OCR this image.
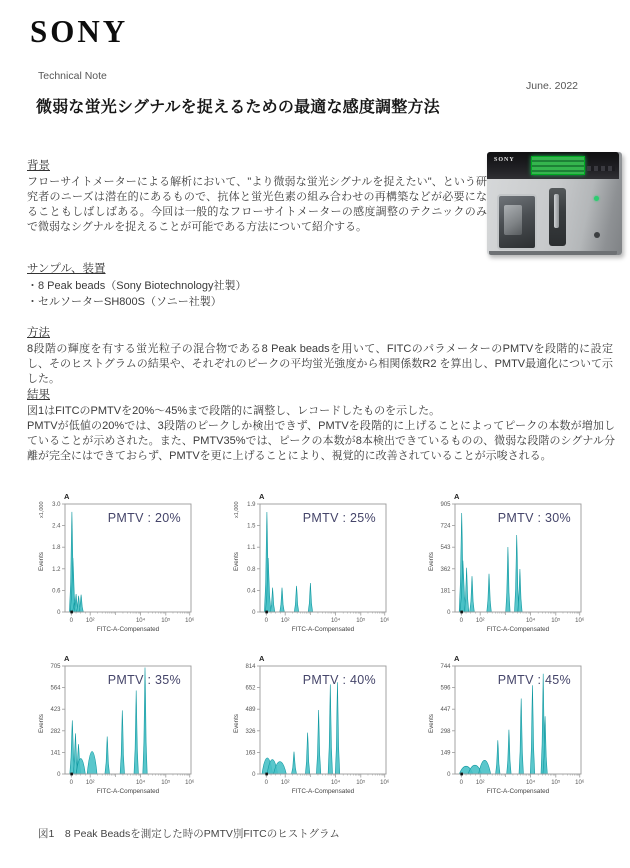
SONY
Technical Note
June. 2022
微弱な蛍光シグナルを捉えるための最適な感度調整方法

背景

フローサイトメーターによる解析において、"より微弱な蛍光シグナルを捉えたい"、という研究者のニーズは潜在的にあるもので、抗体と蛍光色素の組み合わせの再構築などが必要になることもしばしばある。今回は一般的なフローサイトメーターの感度調整のテクニックのみで微弱なシグナルを捉えることが可能である方法について紹介する。

SONY

サンプル、装置

・8 Peak beads（Sony Biotechnology社製）

・セルソーターSH800S（ソニー社製）

方法

8段階の輝度を有する蛍光粒子の混合物である8 Peak beadsを用いて、FITCのパラメーターのPMTVを段階的に設定し、そのヒストグラムの結果や、それぞれのピークの平均蛍光強度から相関係数R2 を算出し、PMTV最適化について示した。

結果

図1はFITCのPMTVを20%～45%まで段階的に調整し、レコードしたものを示した。

PMTVが低値の20%では、3段階のピークしか検出できず、PMTVを段階的に上げることによってピークの本数が増加していることが示めされた。また、PMTV35%では、ピークの本数が8本検出できているものの、微弱な段階のシグナル分離が完全にはできておらず、PMTVを更に上げることにより、視覚的に改善されていることが示唆される。

3.0
2.4
1.8
1.2
0.6
0
x1,000
Events
0 10²	10⁴	10⁵ 10⁶
FITC-A-Compensated
A
PMTV : 20%
1.9
1.5
1.1
0.8
0.4
0
x1,000
Events
0 10²	10⁴	10⁵ 10⁶
FITC-A-Compensated
A
PMTV : 25%
905
724
543
362
181
0
Events
0 10²	10⁴	10⁵ 10⁶
FITC-A-Compensated
A
PMTV : 30%
705
564
423
282
141
0
Events
0 10²	10⁴	10⁵ 10⁶
FITC-A-Compensated
A
PMTV : 35%
814
652
489
326
163
0
Events
0 10²	10⁴	10⁵ 10⁶
FITC-A-Compensated
A
PMTV : 40%
744
596
447
298
149
0
Events
0 10²	10⁴	10⁵ 10⁶
FITC-A-Compensated
A
PMTV : 45%
図1　8 Peak Beadsを測定した時のPMTV別FITCのヒストグラム
